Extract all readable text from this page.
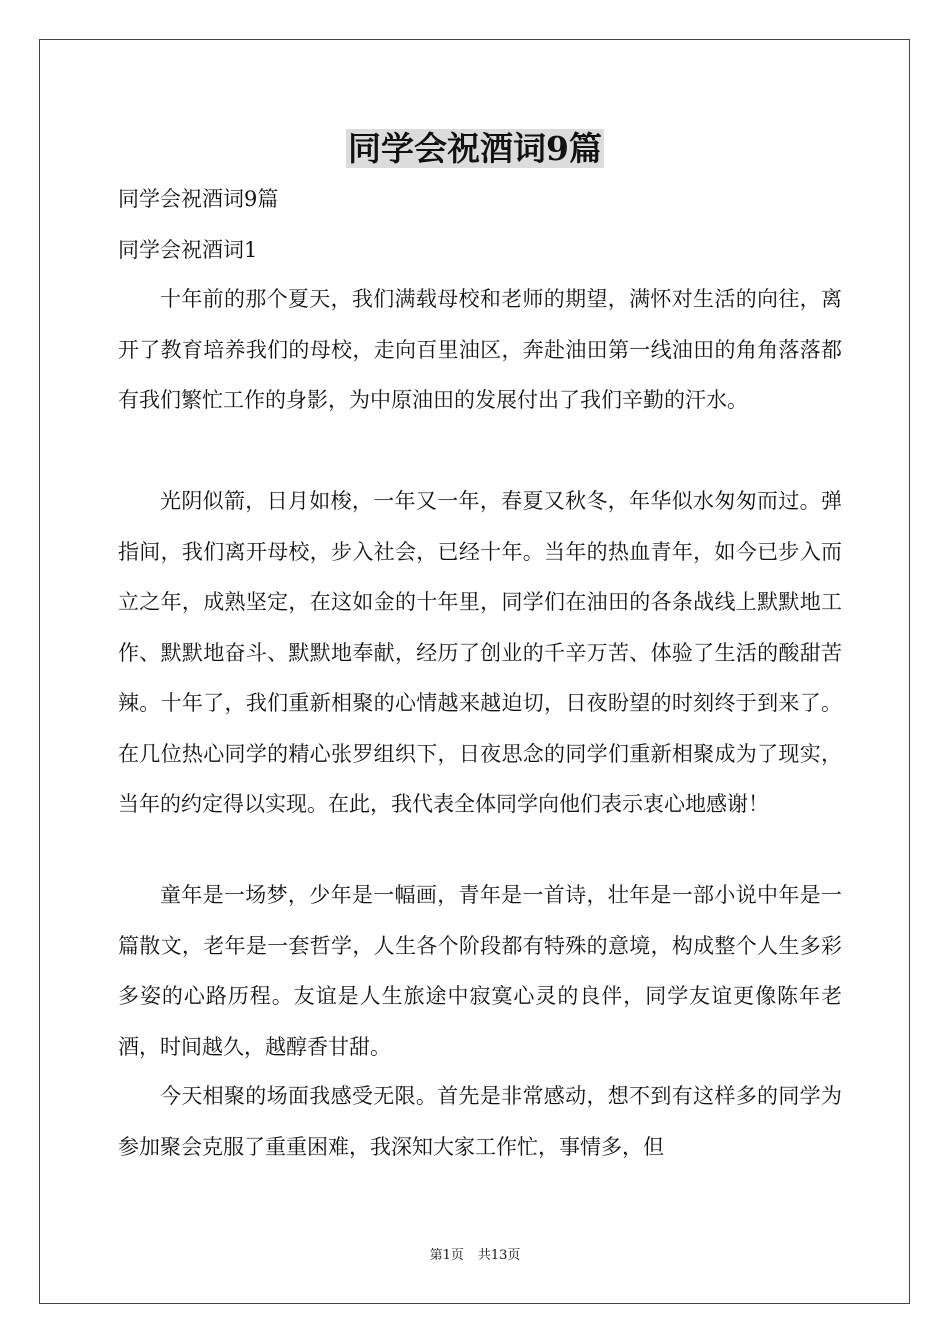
同学会祝酒词9篇
同学会祝酒词9篇
同学会祝酒词1

十年前的那个夏天，我们满载母校和老师的期望，满怀对生活的向往，离开了教育培养我们的母校，走向百里油区，奔赴油田第一线油田的角角落落都有我们繁忙工作的身影，为中原油田的发展付出了我们辛勤的汗水。

光阴似箭，日月如梭，一年又一年，春夏又秋冬，年华似水匆匆而过。弹指间，我们离开母校，步入社会，已经十年。当年的热血青年，如今已步入而立之年，成熟坚定，在这如金的十年里，同学们在油田的各条战线上默默地工作、默默地奋斗、默默地奉献，经历了创业的千辛万苦、体验了生活的酸甜苦辣。十年了，我们重新相聚的心情越来越迫切，日夜盼望的时刻终于到来了。在几位热心同学的精心张罗组织下，日夜思念的同学们重新相聚成为了现实，当年的约定得以实现。在此，我代表全体同学向他们表示衷心地感谢！

童年是一场梦，少年是一幅画，青年是一首诗，壮年是一部小说中年是一篇散文，老年是一套哲学，人生各个阶段都有特殊的意境，构成整个人生多彩多姿的心路历程。友谊是人生旅途中寂寞心灵的良伴，同学友谊更像陈年老酒，时间越久，越醇香甘甜。

今天相聚的场面我感受无限。首先是非常感动，想不到有这样多的同学为参加聚会克服了重重困难，我深知大家工作忙，事情多，但

第1页 共13页
